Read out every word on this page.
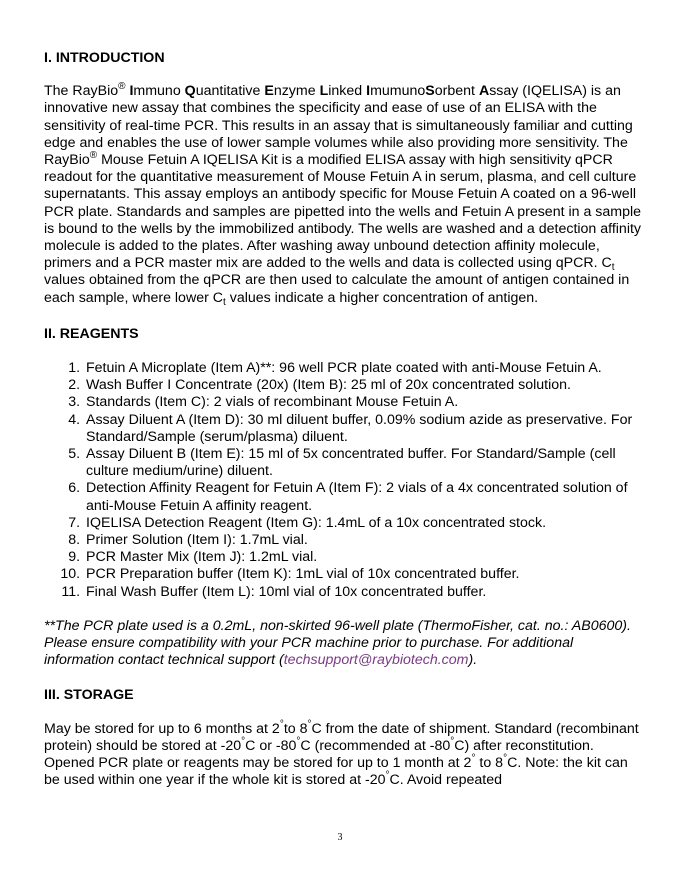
I. INTRODUCTION

The RayBio® Immuno Quantitative Enzyme Linked ImumunoSorbent Assay (IQELISA) is an innovative new assay that combines the specificity and ease of use of an ELISA with the sensitivity of real-time PCR. This results in an assay that is simultaneously familiar and cutting edge and enables the use of lower sample volumes while also providing more sensitivity. The RayBio® Mouse Fetuin A IQELISA Kit is a modified ELISA assay with high sensitivity qPCR readout for the quantitative measurement of Mouse Fetuin A in serum, plasma, and cell culture supernatants. This assay employs an antibody specific for Mouse Fetuin A coated on a 96-well PCR plate. Standards and samples are pipetted into the wells and Fetuin A present in a sample is bound to the wells by the immobilized antibody. The wells are washed and a detection affinity molecule is added to the plates. After washing away unbound detection affinity molecule, primers and a PCR master mix are added to the wells and data is collected using qPCR. $C_t$ values obtained from the qPCR are then used to calculate the amount of antigen contained in each sample, where lower $C_t$ values indicate a higher concentration of antigen.

II. REAGENTS
1. Fetuin A Microplate (Item A)**: 96 well PCR plate coated with anti-Mouse Fetuin A.
2. Wash Buffer I Concentrate (20x) (Item B): 25 ml of 20x concentrated solution.
3. Standards (Item C): 2 vials of recombinant Mouse Fetuin A.
4. Assay Diluent A (Item D): 30 ml diluent buffer, 0.09% sodium azide as preservative. For Standard/Sample (serum/plasma) diluent.
5. Assay Diluent B (Item E): 15 ml of 5x concentrated buffer. For Standard/Sample (cell culture medium/urine) diluent.
6. Detection Affinity Reagent for Fetuin A (Item F): 2 vials of a 4x concentrated solution of anti-Mouse Fetuin A affinity reagent.
7. IQELISA Detection Reagent (Item G): 1.4mL of a 10x concentrated stock.
8. Primer Solution (Item I): 1.7mL vial.
9. PCR Master Mix (Item J): 1.2mL vial.
10. PCR Preparation buffer (Item K): 1mL vial of 10x concentrated buffer.
11. Final Wash Buffer (Item L): 10ml vial of 10x concentrated buffer.

**The PCR plate used is a 0.2mL, non-skirted 96-well plate (ThermoFisher, cat. no.: AB0600). Please ensure compatibility with your PCR machine prior to purchase. For additional information contact technical support (techsupport@raybiotech.com).

III. STORAGE

May be stored for up to 6 months at 2°to 8°C from the date of shipment. Standard (recombinant protein) should be stored at -20°C or -80°C (recommended at -80°C) after reconstitution. Opened PCR plate or reagents may be stored for up to 1 month at 2° to 8°C. Note: the kit can be used within one year if the whole kit is stored at -20°C. Avoid repeated

3
